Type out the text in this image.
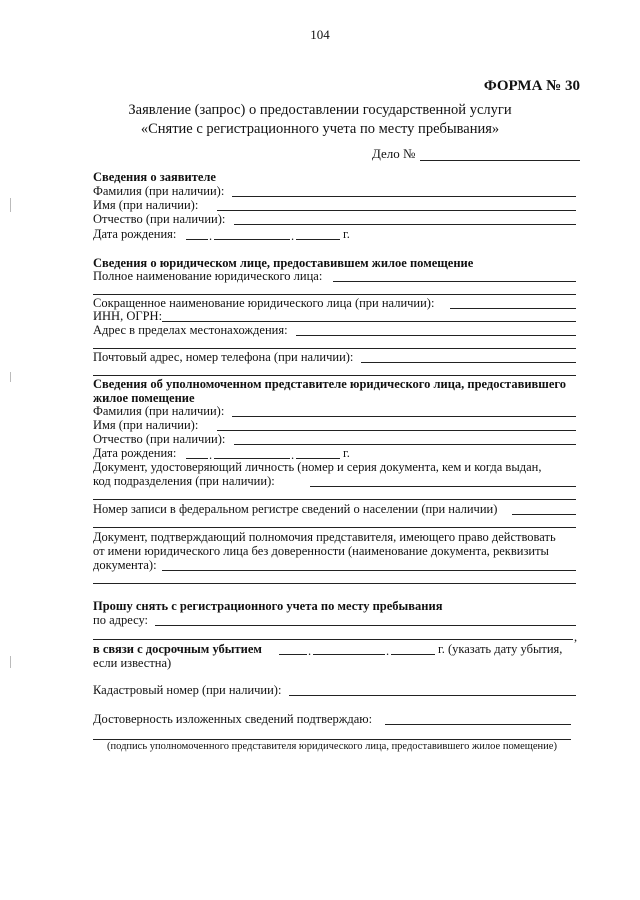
104
ФОРМА № 30
Заявление (запрос) о предоставлении государственной услуги
«Снятие с регистрационного учета по месту пребывания»
Дело №
Сведения о заявителе
Фамилия (при наличии):
Имя (при наличии):
Отчество (при наличии):
Дата рождения:	.	.	г.
Сведения о юридическом лице, предоставившем жилое помещение
Полное наименование юридического лица:
Сокращенное наименование юридического лица (при наличии):
ИНН, ОГРН:
Адрес в пределах местонахождения:
Почтовый адрес, номер телефона (при наличии):
Сведения об уполномоченном представителе юридического лица, предоставившего
жилое помещение
Фамилия (при наличии):
Имя (при наличии):
Отчество (при наличии):
Дата рождения:	.	.	г.
Документ, удостоверяющий личность (номер и серия документа, кем и когда выдан,
код подразделения (при наличии):
Номер записи в федеральном регистре сведений о населении (при наличии)
Документ, подтверждающий полномочия представителя, имеющего право действовать
от имени юридического лица без доверенности (наименование документа, реквизиты
документа):
Прошу снять с регистрационного учета по месту пребывания
по адресу:
,
в связи с досрочным убытием	.	.	г. (указать дату убытия,
если известна)
Кадастровый номер (при наличии):
Достоверность изложенных сведений подтверждаю:
(подпись уполномоченного представителя юридического лица, предоставившего жилое помещение)
